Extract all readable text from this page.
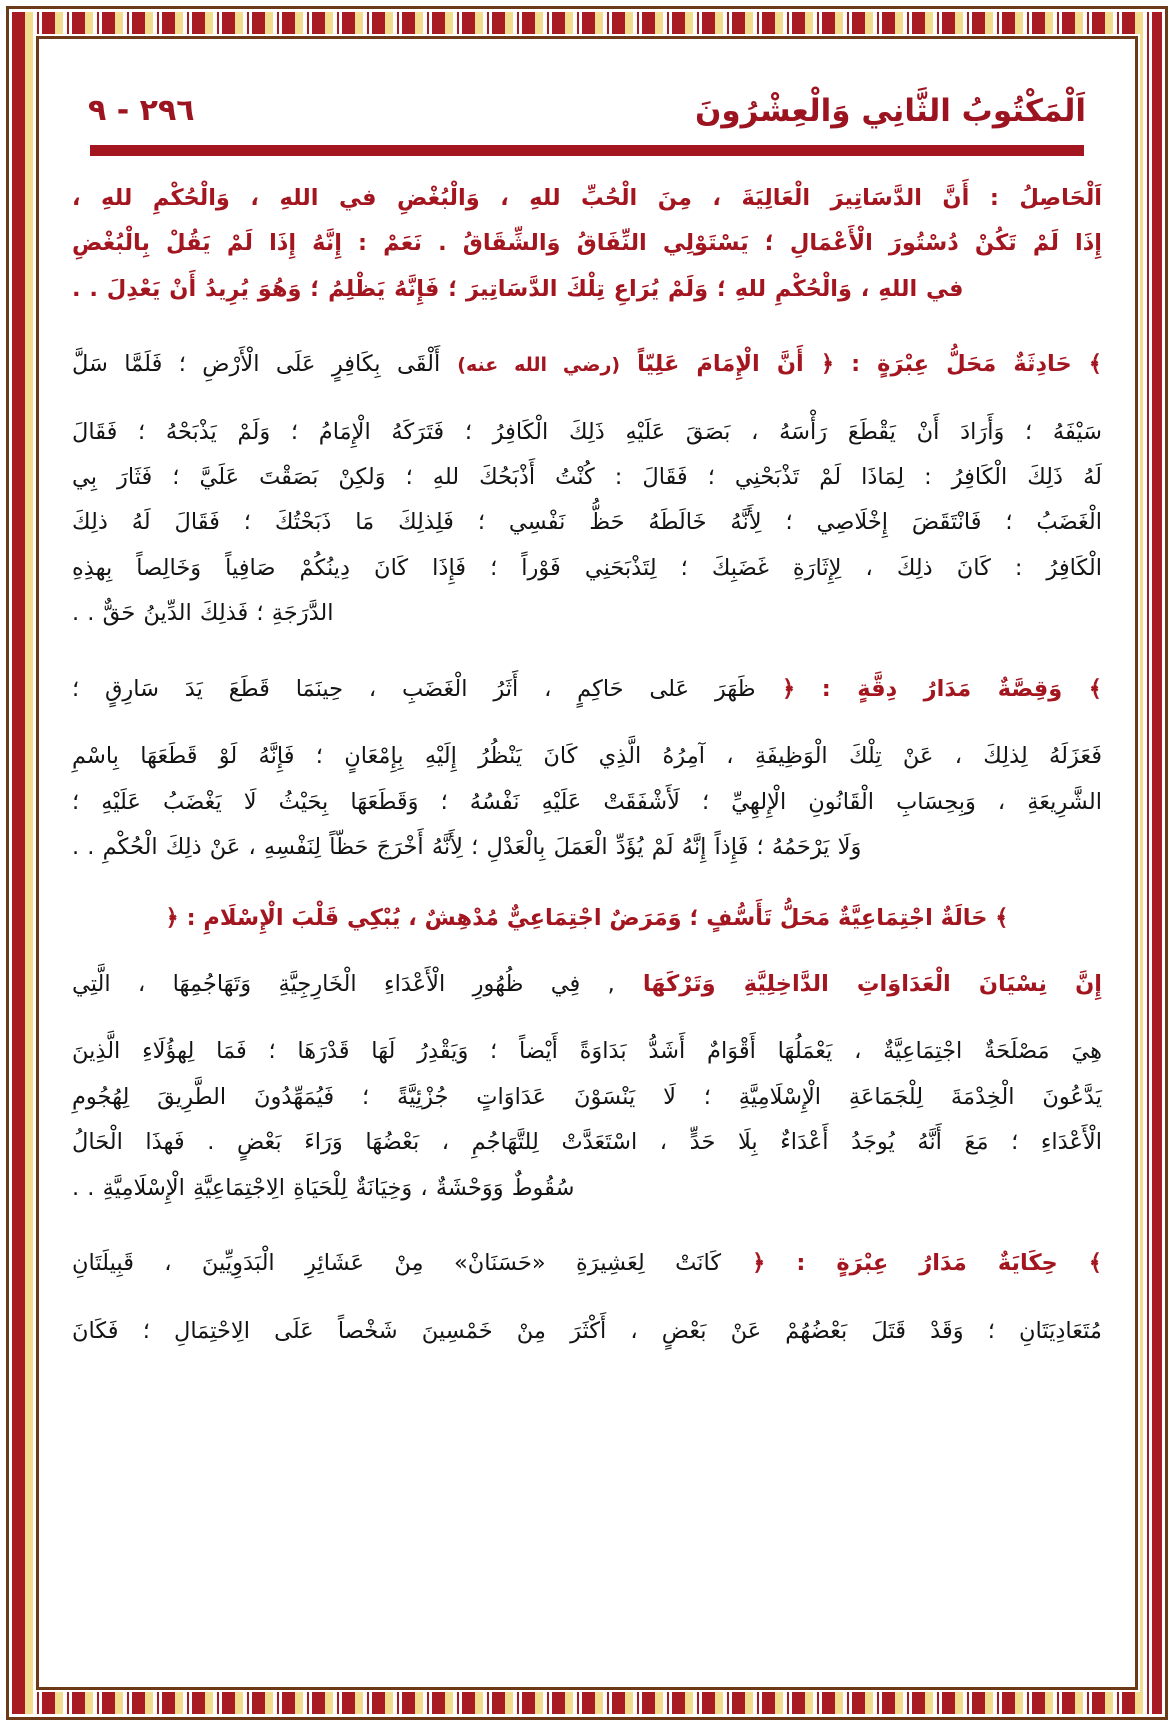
٢٩٦ - ٩	اَلْمَكْتُوبُ الثَّانِي وَالْعِشْرُونَ

اَلْحَاصِلُ : أَنَّ الدَّسَاتِيرَ الْعَالِيَةَ ، مِنَ الْحُبِّ للهِ ، وَالْبُغْضِ في اللهِ ، وَالْحُكْمِ للهِ ،

إِذَا لَمْ تَكُنْ دُسْتُورَ الْأَعْمَالِ ؛ يَسْتَوْلِي النِّفَاقُ وَالشِّقَاقُ . نَعَمْ : إِنَّهُ إِذَا لَمْ يَقُلْ بِالْبُغْضِ

في اللهِ ، وَالْحُكْمِ للهِ ؛ وَلَمْ يُرَاعِ تِلْكَ الدَّسَاتِيرَ ؛ فَإِنَّهُ يَظْلِمُ ؛ وَهُوَ يُرِيدُ أَنْ يَعْدِلَ . .

﴾ حَادِثَةٌ مَحَلُّ عِبْرَةٍ : ﴿ أَنَّ الْإِمَامَ عَلِيّاً (رضي الله عنه) أَلْقَى بِكَافِرٍ عَلَى الْأَرْضِ ؛ فَلَمَّا سَلَّ

سَيْفَهُ ؛ وَأَرَادَ أَنْ يَقْطَعَ رَأْسَهُ ، بَصَقَ عَلَيْهِ ذَلِكَ الْكَافِرُ ؛ فَتَرَكَهُ الْإِمَامُ ؛ وَلَمْ يَذْبَحْهُ ؛ فَقَالَ

لَهُ ذَلِكَ الْكَافِرُ : لِمَاذَا لَمْ تَذْبَحْنِي ؛ فَقَالَ : كُنْتُ أَذْبَحُكَ للهِ ؛ وَلكِنْ بَصَقْتَ عَلَيَّ ؛ فَثَارَ بِي

الْغَضَبُ ؛ فَانْتَقَضَ إِخْلَاصِي ؛ لِأَنَّهُ خَالَطَهُ حَظُّ نَفْسِي ؛ فَلِذلِكَ مَا ذَبَحْتُكَ ؛ فَقَالَ لَهُ ذلِكَ

الْكَافِرُ : كَانَ ذلِكَ ، لِإِثَارَةِ غَضَبِكَ ؛ لِتَذْبَحَنِي فَوْراً ؛ فَإِذَا كَانَ دِينُكُمْ صَافِياً وَخَالِصاً بِهذِهِ

الدَّرَجَةِ ؛ فَذلِكَ الدِّينُ حَقٌّ . .

﴾ وَقِصَّةٌ مَدَارُ دِقَّةٍ : ﴿ ظَهَرَ عَلى حَاكِمٍ ، أَثَرُ الْغَضَبِ ، حِينَمَا قَطَعَ يَدَ سَارِقٍ ؛

فَعَزَلَهُ لِذلِكَ ، عَنْ تِلْكَ الْوَظِيفَةِ ، آمِرُهُ الَّذِي كَانَ يَنْظُرُ إِلَيْهِ بِإِمْعَانٍ ؛ فَإِنَّهُ لَوْ قَطَعَهَا بِاسْمِ

الشَّرِيعَةِ ، وَبِحِسَابِ الْقَانُونِ الْإِلهِيِّ ؛ لَأَشْفَقَتْ عَلَيْهِ نَفْسُهُ ؛ وَقَطَعَهَا بِحَيْثُ لَا يَغْضَبُ عَلَيْهِ ؛

وَلَا يَرْحَمُهُ ؛ فَإِذاً إِنَّهُ لَمْ يُؤَدِّ الْعَمَلَ بِالْعَدْلِ ؛ لِأَنَّهُ أَخْرَجَ حَظّاً لِنَفْسِهِ ، عَنْ ذلِكَ الْحُكْمِ . .

﴾ حَالَةٌ اجْتِمَاعِيَّةٌ مَحَلُّ تَأَسُّفٍ ؛ وَمَرَضٌ اجْتِمَاعِيٌّ مُدْهِشٌ ، يُبْكِي قَلْبَ الْإِسْلَامِ : ﴿

إِنَّ نِسْيَانَ الْعَدَاوَاتِ الدَّاخِلِيَّةِ وَتَرْكَهَا , فِي ظُهُورِ الْأَعْدَاءِ الْخَارِجِيَّةِ وَتَهَاجُمِهَا ، الَّتِي

هِيَ مَصْلَحَةٌ اجْتِمَاعِيَّةٌ ، يَعْمَلُهَا أَقْوَامٌ أَشَدُّ بَدَاوَةً أَيْضاً ؛ وَيَقْدِرُ لَهَا قَدْرَهَا ؛ فَمَا لِهؤُلَاءِ الَّذِينَ

يَدَّعُونَ الْخِدْمَةَ لِلْجَمَاعَةِ الْإِسْلَامِيَّةِ ؛ لَا يَنْسَوْنَ عَدَاوَاتٍ جُزْئِيَّةً ؛ فَيُمَهِّدُونَ الطَّرِيقَ لِهُجُومِ

الْأَعْدَاءِ ؛ مَعَ أَنَّهُ يُوجَدُ أَعْدَاءٌ بِلَا حَدٍّ ، اسْتَعَدَّتْ لِلتَّهَاجُمِ ، بَعْضُهَا وَرَاءَ بَعْضٍ . فَهذَا الْحَالُ

سُقُوطٌ وَوَحْشَةٌ ، وَخِيَانَةٌ لِلْحَيَاةِ الِاجْتِمَاعِيَّةِ الْإِسْلَامِيَّةِ . .

﴾ حِكَايَةٌ مَدَارُ عِبْرَةٍ : ﴿ كَانَتْ لِعَشِيرَةِ «حَسَنَانْ» مِنْ عَشَائِرِ الْبَدَوِيِّينَ ، قَبِيلَتَانِ

مُتَعَادِيَتَانِ ؛ وَقَدْ قَتَلَ بَعْضُهُمْ عَنْ بَعْضٍ ، أَكْثَرَ مِنْ خَمْسِينَ شَخْصاً عَلَى الِاحْتِمَالِ ؛ فَكَانَ
